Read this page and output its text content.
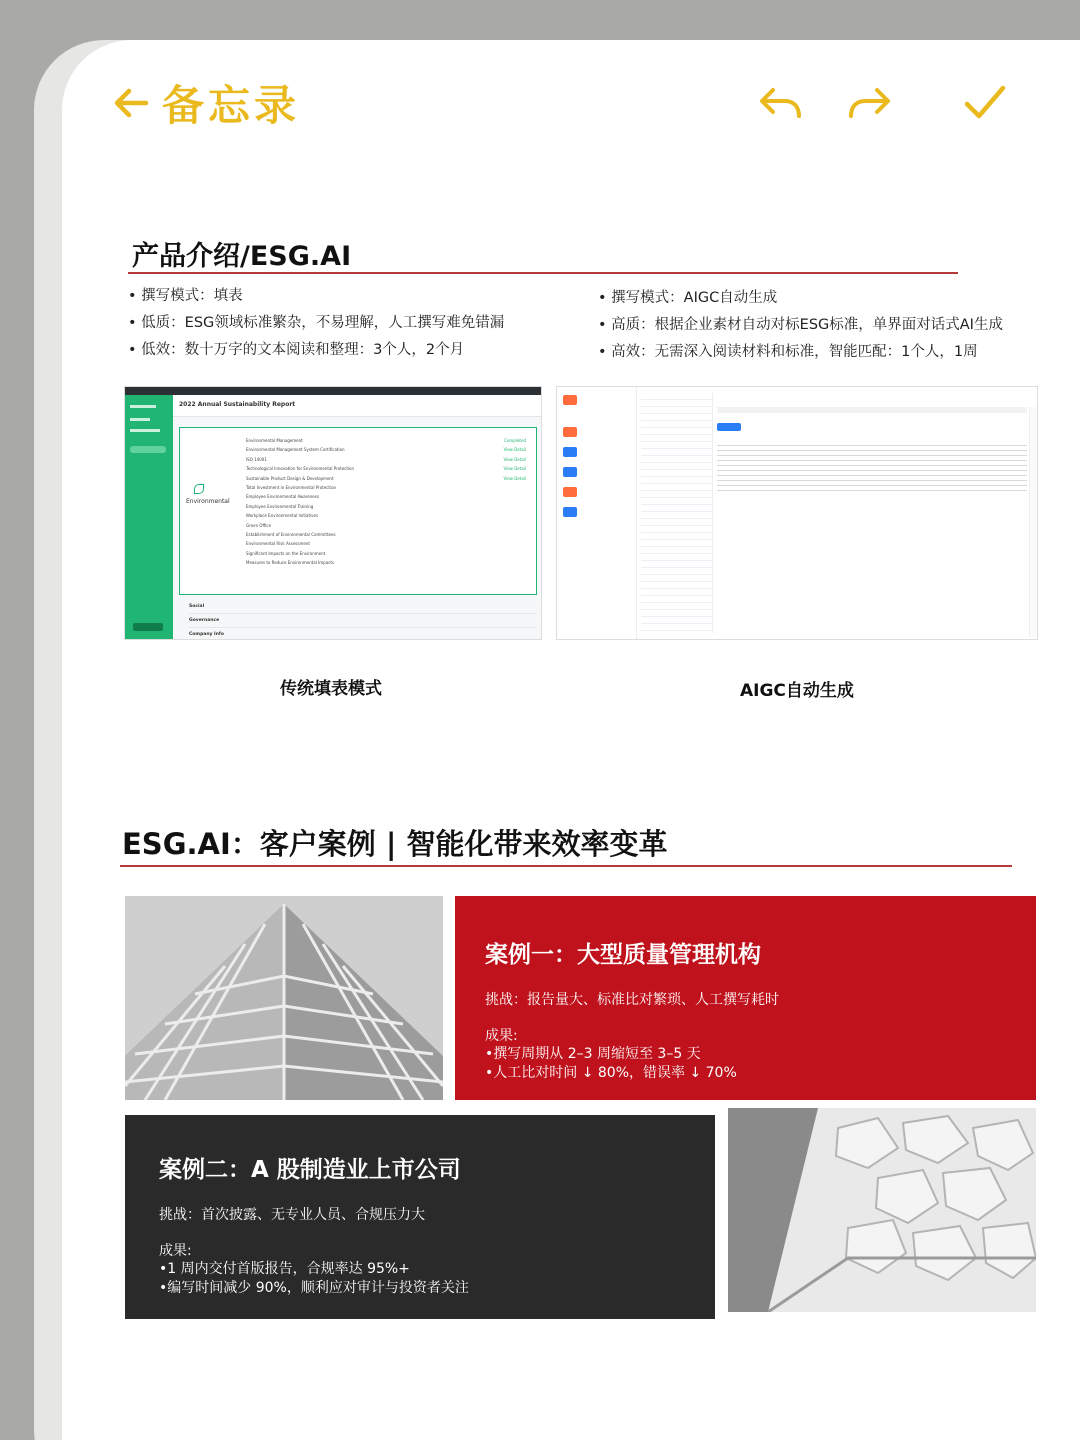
备忘录
产品介绍/ESG.AI
• 撰写模式：填表
• 低质：ESG领域标准繁杂，不易理解，人工撰写难免错漏
• 低效：数十万字的文本阅读和整理：3个人，2个月
• 撰写模式：AIGC自动生成
• 高质：根据企业素材自动对标ESG标准，单界面对话式AI生成
• 高效：无需深入阅读材料和标准，智能匹配：1个人，1周
2022 Annual Sustainability Report
Environmental
Environmental Management	Completed
Environmental Management System Certification	View Detail
ISO 14001	View Detail
Technological Innovation for Environmental Protection	View Detail
Sustainable Product Design & Development	View Detail
Total Investment in Environmental Protection
Employee Environmental Awareness
Employee Environmental Training
Workplace Environmental Initiatives
Green Office
Establishment of Environmental Committees
Environmental Risk Assessment
Significant Impacts on the Environment
Measures to Reduce Environmental Impacts
Social
Governance
Company Info
传统填表模式	AIGC自动生成
ESG.AI：客户案例 | 智能化带来效率变革
案例一：大型质量管理机构
挑战：报告量大、标准比对繁琐、人工撰写耗时
成果:
•撰写周期从 2–3 周缩短至 3–5 天
•人工比对时间 ↓ 80%，错误率 ↓ 70%
案例二：A 股制造业上市公司
挑战：首次披露、无专业人员、合规压力大
成果:
•1 周内交付首版报告，合规率达 95%+
•编写时间减少 90%，顺利应对审计与投资者关注
